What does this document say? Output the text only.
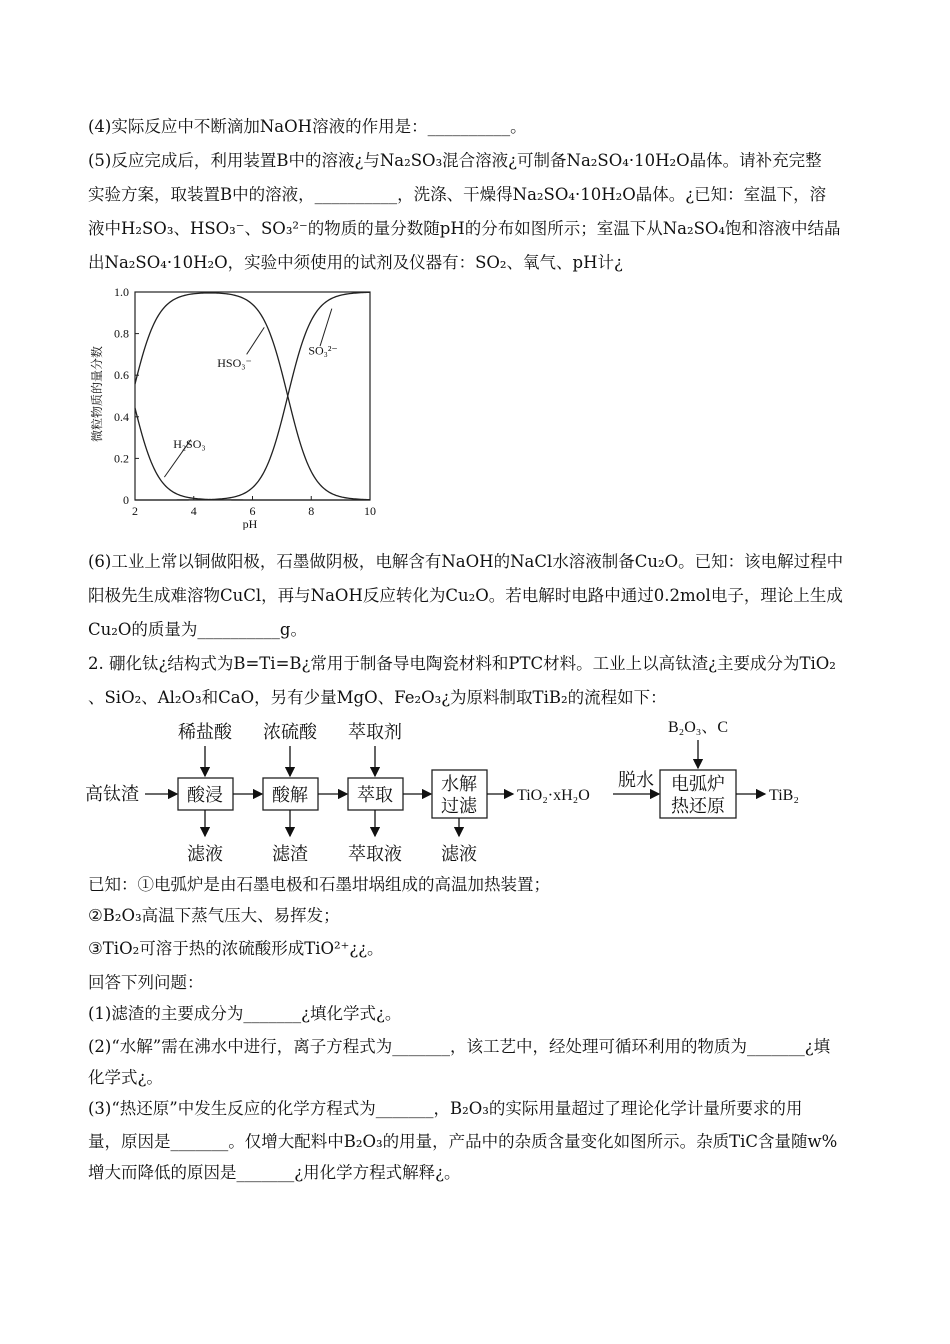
(4)实际反应中不断滴加NaOH溶液的作用是：__________。
(5)反应完成后，利用装置B中的溶液¿与Na₂SO₃混合溶液¿可制备Na₂SO₄·10H₂O晶体。请补充完整
实验方案，取装置B中的溶液，__________，洗涤、干燥得Na₂SO₄·10H₂O晶体。¿已知：室温下，溶
液中H₂SO₃、HSO₃⁻、SO₃²⁻的物质的量分数随pH的分布如图所示；室温下从Na₂SO₄饱和溶液中结晶
出Na₂SO₄·10H₂O，实验中须使用的试剂及仪器有：SO₂、氧气、pH计¿
H₂SO₃
HSO₃⁻
SO₃²⁻
2	4	6	8	10
0
0.2
0.4
0.6
0.8
1.0
微粒物质的量分数
pH
(6)工业上常以铜做阳极，石墨做阴极，电解含有NaOH的NaCl水溶液制备Cu₂O。已知：该电解过程中
阳极先生成难溶物CuCl，再与NaOH反应转化为Cu₂O。若电解时电路中通过0.2mol电子，理论上生成
Cu₂O的质量为__________g。
2. 硼化钛¿结构式为B=Ti=B¿常用于制备导电陶瓷材料和PTC材料。工业上以高钛渣¿主要成分为TiO₂
、SiO₂、Al₂O₃和CaO，另有少量MgO、Fe₂O₃¿为原料制取TiB₂的流程如下：
高钛渣	酸浸	酸解	萃取
水解
过滤
TiO₂·xH₂O
脱水 电弧炉
热还原
TiB₂
B₂O₃、C
稀盐酸 浓硫酸 萃取剂
滤液	滤渣 萃取液 滤液
已知：①电弧炉是由石墨电极和石墨坩埚组成的高温加热装置；
②B₂O₃高温下蒸气压大、易挥发；
③TiO₂可溶于热的浓硫酸形成TiO²⁺¿¿。
回答下列问题：
(1)滤渣的主要成分为_______¿填化学式¿。
(2)“水解”需在沸水中进行，离子方程式为_______，该工艺中，经处理可循环利用的物质为_______¿填
化学式¿。
(3)“热还原”中发生反应的化学方程式为_______，B₂O₃的实际用量超过了理论化学计量所要求的用
量，原因是_______。仅增大配料中B₂O₃的用量，产品中的杂质含量变化如图所示。杂质TiC含量随w%
增大而降低的原因是_______¿用化学方程式解释¿。
